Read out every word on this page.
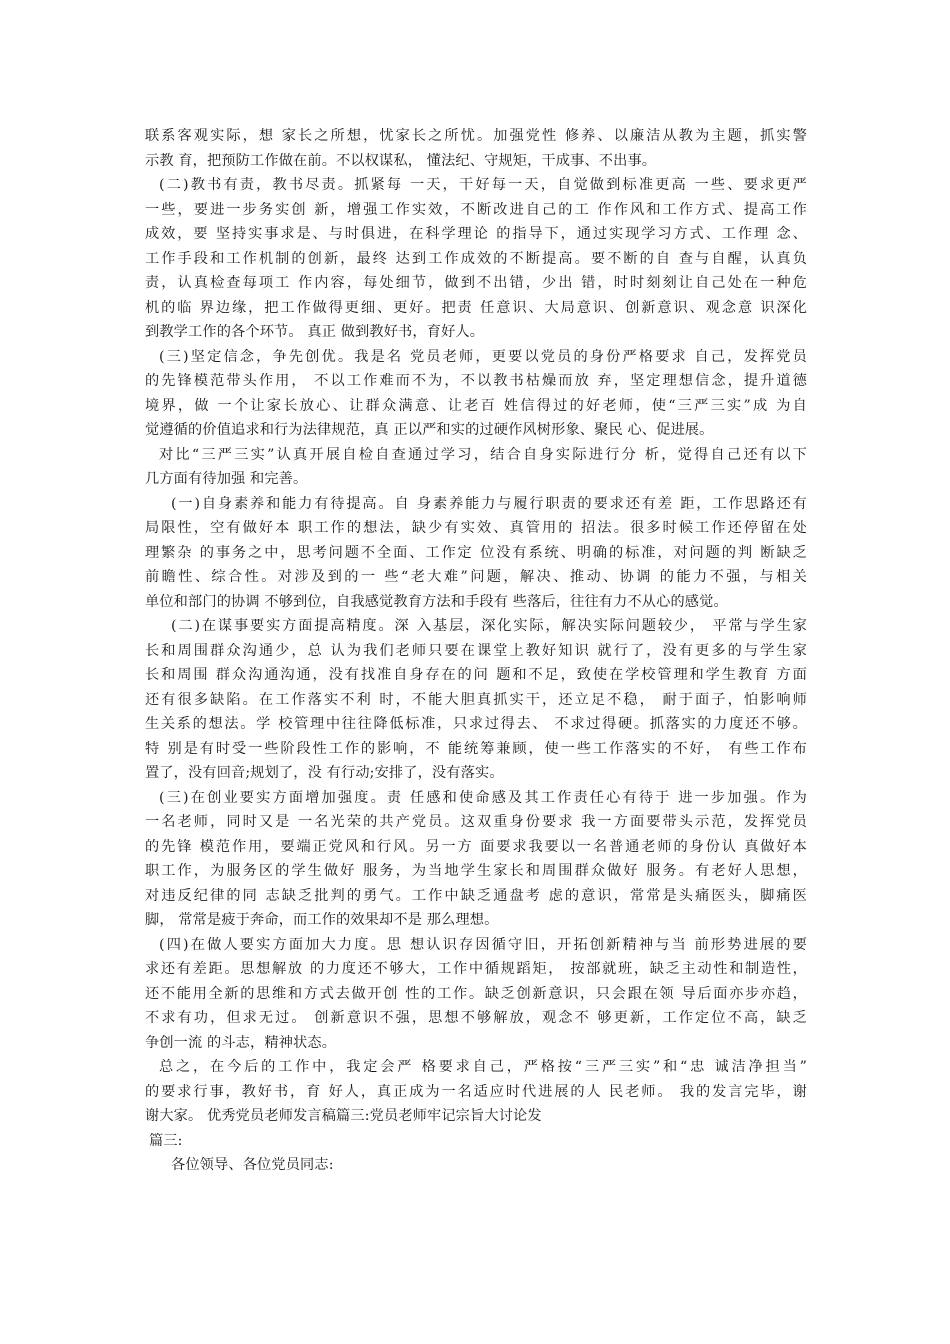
联系客观实际，想 家长之所想，忧家长之所忧。加强党性 修养、以廉洁从教为主题，抓实警
示教 育，把预防工作做在前。不以权谋私， 懂法纪、守规矩，干成事、不出事。
(二)教书有责，教书尽责。抓紧每 一天，干好每一天，自觉做到标准更高 一些、要求更严
一些，要进一步务实创 新，增强工作实效，不断改进自己的工 作作风和工作方式、提高工作
成效，要 坚持实事求是、与时俱进，在科学理论 的指导下，通过实现学习方式、工作理 念、
工作手段和工作机制的创新，最终 达到工作成效的不断提高。要不断的自 查与自醒，认真负
责，认真检查每项工 作内容，每处细节，做到不出错，少出 错，时时刻刻让自己处在一种危
机的临 界边缘，把工作做得更细、更好。把责 任意识、大局意识、创新意识、观念意 识深化
到教学工作的各个环节。 真正 做到教好书，育好人。
(三)坚定信念，争先创优。我是名 党员老师，更要以党员的身份严格要求 自己，发挥党员
的先锋模范带头作用， 不以工作难而不为，不以教书枯燥而放 弃，坚定理想信念，提升道德
境界，做 一个让家长放心、让群众满意、让老百 姓信得过的好老师，使“三严三实”成 为自
觉遵循的价值追求和行为法律规范，真 正以严和实的过硬作风树形象、聚民 心、促进展。
对比“三严三实”认真开展自检自查通过学习，结合自身实际进行分 析，觉得自己还有以下
几方面有待加强 和完善。
(一)自身素养和能力有待提高。自 身素养能力与履行职责的要求还有差 距，工作思路还有
局限性，空有做好本 职工作的想法，缺少有实效、真管用的 招法。很多时候工作还停留在处
理繁杂 的事务之中，思考问题不全面、工作定 位没有系统、明确的标准，对问题的判 断缺乏
前瞻性、综合性。对涉及到的一 些“老大难”问题，解决、推动、协调 的能力不强，与相关
单位和部门的协调 不够到位，自我感觉教育方法和手段有 些落后，往往有力不从心的感觉。
(二)在谋事要实方面提高精度。深 入基层，深化实际，解决实际问题较少， 平常与学生家
长和周围群众沟通少，总 认为我们老师只要在课堂上教好知识 就行了，没有更多的与学生家
长和周围 群众沟通沟通，没有找准自身存在的问 题和不足，致使在学校管理和学生教育 方面
还有很多缺陷。在工作落实不利 时，不能大胆真抓实干，还立足不稳， 耐于面子，怕影响师
生关系的想法。学 校管理中往往降低标准，只求过得去、 不求过得硬。抓落实的力度还不够。
特 别是有时受一些阶段性工作的影响，不 能统筹兼顾，使一些工作落实的不好， 有些工作布
置了，没有回音;规划了，没 有行动;安排了，没有落实。
(三)在创业要实方面增加强度。责 任感和使命感及其工作责任心有待于 进一步加强。作为
一名老师，同时又是 一名光荣的共产党员。这双重身份要求 我一方面要带头示范，发挥党员
的先锋 模范作用，要端正党风和行风。另一方 面要求我要以一名普通老师的身份认 真做好本
职工作，为服务区的学生做好 服务，为当地学生家长和周围群众做好 服务。有老好人思想，
对违反纪律的同 志缺乏批判的勇气。工作中缺乏通盘考 虑的意识，常常是头痛医头，脚痛医
脚， 常常是疲于奔命，而工作的效果却不是 那么理想。
(四)在做人要实方面加大力度。思 想认识存因循守旧，开拓创新精神与当 前形势进展的要
求还有差距。思想解放 的力度还不够大，工作中循规蹈矩， 按部就班，缺乏主动性和制造性，
还不能用全新的思维和方式去做开创 性的工作。缺乏创新意识，只会跟在领 导后面亦步亦趋，
不求有功，但求无过。 创新意识不强，思想不够解放，观念不 够更新，工作定位不高，缺乏
争创一流 的斗志，精神状态。
总之，在今后的工作中，我定会严 格要求自己，严格按“三严三实”和“忠 诚洁净担当”
的要求行事，教好书，育 好人，真正成为一名适应时代进展的人 民老师。 我的发言完毕，谢
谢大家。 优秀党员老师发言稿篇三:党员老师牢记宗旨大讨论发
篇三:
各位领导、各位党员同志:
